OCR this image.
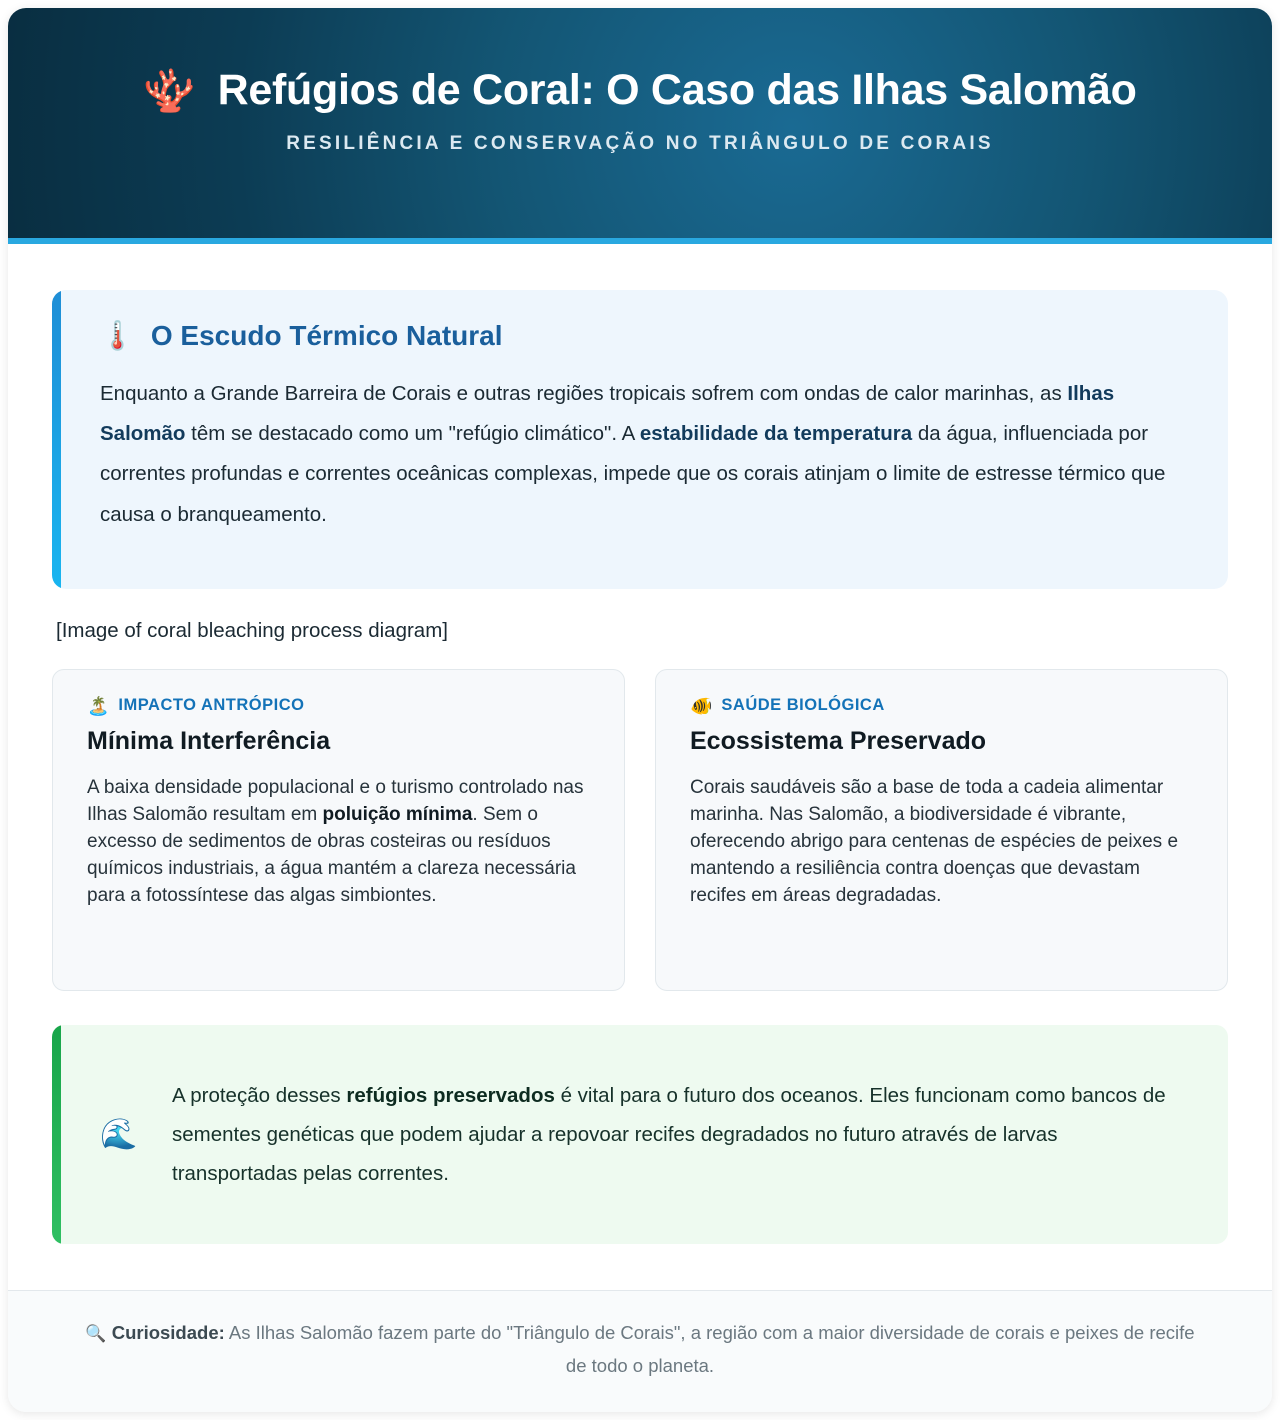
🪸 Refúgios de Coral: O Caso das Ilhas Salomão
RESILIÊNCIA E CONSERVAÇÃO NO TRIÂNGULO DE CORAIS
🌡️ O Escudo Térmico Natural

Enquanto a Grande Barreira de Corais e outras regiões tropicais sofrem com ondas de calor marinhas, as Ilhas Salomão têm se destacado como um "refúgio climático". A estabilidade da temperatura da água, influenciada por correntes profundas e correntes oceânicas complexas, impede que os corais atinjam o limite de estresse térmico que causa o branqueamento.

[Image of coral bleaching process diagram]
🏝️ IMPACTO ANTRÓPICO
Mínima Interferência

A baixa densidade populacional e o turismo controlado nas Ilhas Salomão resultam em poluição mínima. Sem o excesso de sedimentos de obras costeiras ou resíduos químicos industriais, a água mantém a clareza necessária para a fotossíntese das algas simbiontes.

🐠 SAÚDE BIOLÓGICA
Ecossistema Preservado

Corais saudáveis são a base de toda a cadeia alimentar marinha. Nas Salomão, a biodiversidade é vibrante, oferecendo abrigo para centenas de espécies de peixes e mantendo a resiliência contra doenças que devastam recifes em áreas degradadas.

🌊

A proteção desses refúgios preservados é vital para o futuro dos oceanos. Eles funcionam como bancos de sementes genéticas que podem ajudar a repovoar recifes degradados no futuro através de larvas transportadas pelas correntes.

🔍 Curiosidade: As Ilhas Salomão fazem parte do "Triângulo de Corais", a região com a maior diversidade de corais e peixes de recife de todo o planeta.
